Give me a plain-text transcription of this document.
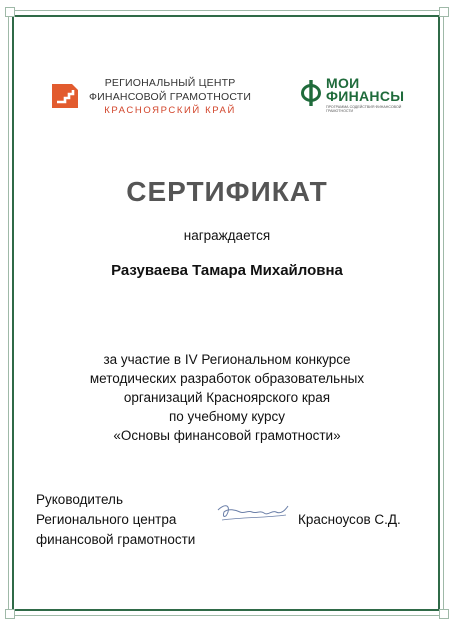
РЕГИОНАЛЬНЫЙ ЦЕНТР
ФИНАНСОВОЙ ГРАМОТНОСТИ
КРАСНОЯРСКИЙ КРАЙ
МОИ
ФИНАНСЫ
ПРОГРАММА СОДЕЙСТВИЯ ФИНАНСОВОЙ ГРАМОТНОСТИ
СЕРТИФИКАТ
награждается
Разуваева Тамара Михайловна
за участие в IV Региональном конкурсе
методических разработок образовательных
организаций Красноярского края
по учебному курсу
«Основы финансовой грамотности»
Руководитель
Регионального центра
финансовой грамотности
Красноусов С.Д.
